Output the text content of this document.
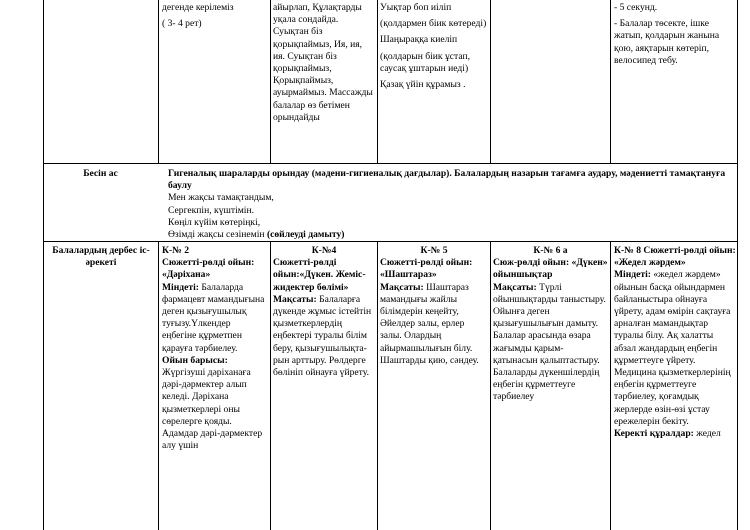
дегенде керілеміз

( 3- 4 рет)

айырлап, Құлақтарды уқала сондайда. Суықтан біз қорықпаймыз, Ия, ия, ия. Суықтан біз қорықпаймыз, Қорықпаймыз, ауырмаймыз. Массажды балалар өз бетімен орындайды

Уықтар боп иіліп

(қолдармен біик көтереді)

Шаңыраққа киеліп

(қолдарын біик ұстап, саусақ ұштарын иеді)

Қазақ үйін құрамыз .

- 5 секунд.

- Балалар төсекте, ішке жатып, қолдарын жанына қою, аяқтарын көтеріп, велосипед тебу.

Бесін ас	Гигеналық шараларды орындау (мәдени-гигиеналық дағдылар). Балалардың назарын тағамға аудару, мәдениетті тамақтануға баулу

Мен жақсы тамақтандым,

Сергекпін, күштімін.

Көңіл күйім көтеріңкі,

Өзімді жақсы сезінемін (сөйлеуді дамыту)

Балалардың дербес іс-әрекеті

К-№ 2

Сюжетті-рөлді ойын: «Дәріхана»

Міндеті: Балаларда фармацевт мамандығына деген қызығушылық туғызу.Үлкендер еңбегіне құрметпен қарауға тәрбиелеу.

Ойын барысы:

Жүргізуші дәріханаға дәрі-дәрмектер алып келеді. Дәріхана қызметкерлері оны сөрелерге қояды. Адамдар дәрі-дәрмектер алу үшін

К-№4

Сюжетті-рөлді ойын:«Дүкен. Жеміс-жидектер бөлімі»

Мақсаты: Балаларға дүкенде жұмыс істейтін қызметкерлердің еңбектері туралы білім беру, қызығушылықта-рын арттыру. Рөлдерге бөлініп ойнауға үйрету.

К-№ 5

Сюжетті-рөлді ойын: «Шаштараз»

Мақсаты: Шаштараз мамандығы жайлы білімдерін кеңейту, Әйелдер залы, ерлер залы. Олардың айырмашылығын білу. Шаштарды қию, сәндеу.

К-№ 6 а

Сюж-рөлді ойын: «Дүкен» ойыншықтар

Мақсаты: Түрлі ойыншықтарды таныстыру. Ойынға деген қызығушылығын дамыту. Балалар арасында өзара жағымды қарым-қатынасын қалыптастыру. Балаларды дүкеншілердің еңбегін құрметтеуге тәрбиелеу

К-№ 8 Сюжетті-рөлді ойын: «Жедел жәрдем»

Міндеті: «жедел жәрдем» ойынын басқа ойындармен байланыстыра ойнауға үйрету, адам өмірін сақтауға арналған мамандықтар туралы білу. Ақ халатты абзал жандардың еңбегін құрметтеуге үйрету. Медицина қызметкерлерінің еңбегін құрметтеуге тәрбиелеу, қоғамдық жерлерде өзін-өзі ұстау ережелерін бекіту.

Керекті құралдар: жедел
